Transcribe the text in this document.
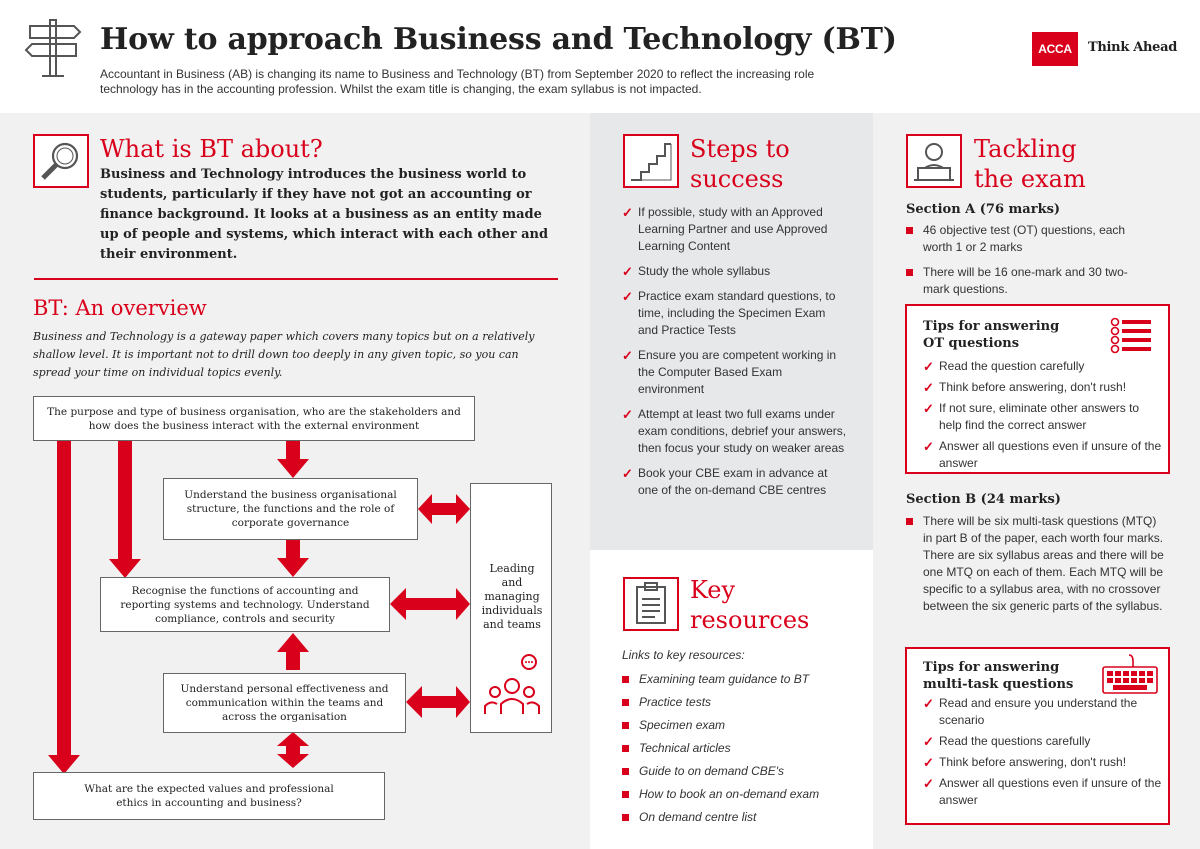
How to approach Business and Technology (BT)
Accountant in Business (AB) is changing its name to Business and Technology (BT) from September 2020 to reflect the increasing role technology has in the accounting profession. Whilst the exam title is changing, the exam syllabus is not impacted.
ACCA	Think Ahead
What is BT about?
Business and Technology introduces the business world to students, particularly if they have not got an accounting or finance background. It looks at a business as an entity made up of people and systems, which interact with each other and their environment.
BT: An overview
Business and Technology is a gateway paper which covers many topics but on a relatively shallow level. It is important not to drill down too deeply in any given topic, so you can spread your time on individual topics evenly.
The purpose and type of business organisation, who are the stakeholders and how does the business interact with the external environment
Understand the business organisational structure, the functions and the role of corporate governance
Recognise the functions of accounting and reporting systems and technology. Understand compliance, controls and security
Understand personal effectiveness and communication within the teams and across the organisation
What are the expected values and professional ethics in accounting and business?
Leading and managing individuals and teams
Steps to
success
✓ If possible, study with an Approved Learning Partner and use Approved Learning Content
✓ Study the whole syllabus
✓ Practice exam standard questions, to time, including the Specimen Exam and Practice Tests
✓ Ensure you are competent working in the Computer Based Exam environment
✓ Attempt at least two full exams under exam conditions, debrief your answers, then focus your study on weaker areas
✓ Book your CBE exam in advance at one of the on-demand CBE centres
Key
resources
Links to key resources:
Examining team guidance to BT
Practice tests
Specimen exam
Technical articles
Guide to on demand CBE's
How to book an on-demand exam
On demand centre list
Tackling
the exam
Section A (76 marks)
46 objective test (OT) questions, each worth 1 or 2 marks
There will be 16 one-mark and 30 two-mark questions.
Tips for answering
OT questions
✓ Read the question carefully
✓ Think before answering, don't rush!
✓ If not sure, eliminate other answers to help find the correct answer
✓ Answer all questions even if unsure of the answer
Section B (24 marks)
There will be six multi-task questions (MTQ) in part B of the paper, each worth four marks. There are six syllabus areas and there will be one MTQ on each of them. Each MTQ will be specific to a syllabus area, with no crossover between the six generic parts of the syllabus.
Tips for answering
multi-task questions
✓ Read and ensure you understand the scenario
✓ Read the questions carefully
✓ Think before answering, don't rush!
✓ Answer all questions even if unsure of the answer
